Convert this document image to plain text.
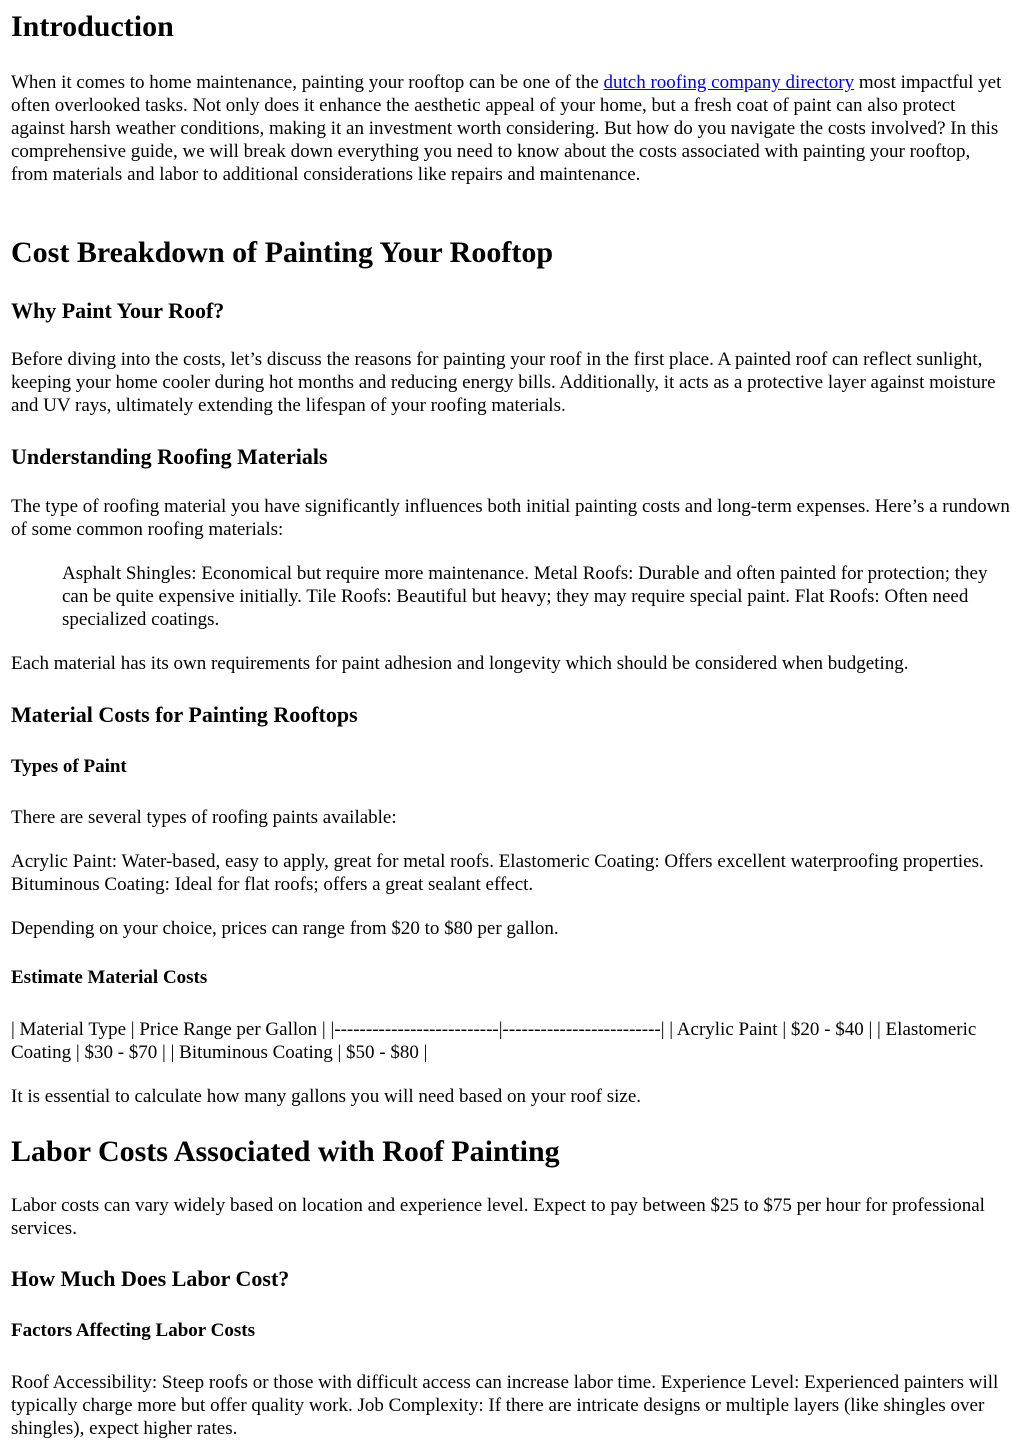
Introduction

When it comes to home maintenance, painting your rooftop can be one of the dutch roofing company directory most impactful yet often overlooked tasks. Not only does it enhance the aesthetic appeal of your home, but a fresh coat of paint can also protect against harsh weather conditions, making it an investment worth considering. But how do you navigate the costs involved? In this comprehensive guide, we will break down everything you need to know about the costs associated with painting your rooftop, from materials and labor to additional considerations like repairs and maintenance.

Cost Breakdown of Painting Your Rooftop
Why Paint Your Roof?

Before diving into the costs, let’s discuss the reasons for painting your roof in the first place. A painted roof can reflect sunlight, keeping your home cooler during hot months and reducing energy bills. Additionally, it acts as a protective layer against moisture and UV rays, ultimately extending the lifespan of your roofing materials.

Understanding Roofing Materials

The type of roofing material you have significantly influences both initial painting costs and long-term expenses. Here’s a rundown of some common roofing materials:

Asphalt Shingles: Economical but require more maintenance. Metal Roofs: Durable and often painted for protection; they can be quite expensive initially. Tile Roofs: Beautiful but heavy; they may require special paint. Flat Roofs: Often need specialized coatings.

Each material has its own requirements for paint adhesion and longevity which should be considered when budgeting.

Material Costs for Painting Rooftops
Types of Paint

There are several types of roofing paints available:

Acrylic Paint: Water-based, easy to apply, great for metal roofs. Elastomeric Coating: Offers excellent waterproofing properties. Bituminous Coating: Ideal for flat roofs; offers a great sealant effect.

Depending on your choice, prices can range from $20 to $80 per gallon.

Estimate Material Costs

| Material Type | Price Range per Gallon | |--------------------------|-------------------------| | Acrylic Paint | $20 - $40 | | Elastomeric Coating | $30 - $70 | | Bituminous Coating | $50 - $80 |

It is essential to calculate how many gallons you will need based on your roof size.

Labor Costs Associated with Roof Painting

Labor costs can vary widely based on location and experience level. Expect to pay between $25 to $75 per hour for professional services.

How Much Does Labor Cost?
Factors Affecting Labor Costs

Roof Accessibility: Steep roofs or those with difficult access can increase labor time. Experience Level: Experienced painters will typically charge more but offer quality work. Job Complexity: If there are intricate designs or multiple layers (like shingles over shingles), expect higher rates.
